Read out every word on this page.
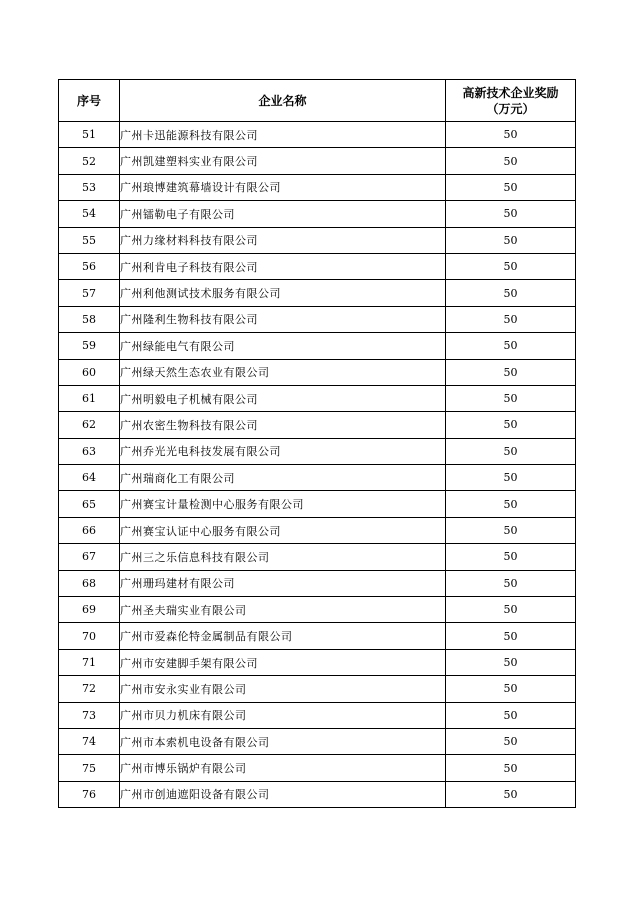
序号	企业名称	高新技术企业奖励
（万元）

51	广州卡迅能源科技有限公司	50
52	广州凯建塑料实业有限公司	50
53	广州琅博建筑幕墙设计有限公司	50
54	广州镭勒电子有限公司	50
55	广州力缘材料科技有限公司	50
56	广州利肯电子科技有限公司	50
57	广州利他测试技术服务有限公司	50
58	广州隆利生物科技有限公司	50
59	广州绿能电气有限公司	50
60	广州绿天然生态农业有限公司	50
61	广州明毅电子机械有限公司	50
62	广州农密生物科技有限公司	50
63	广州乔光光电科技发展有限公司	50
64	广州瑞商化工有限公司	50
65	广州赛宝计量检测中心服务有限公司	50
66	广州赛宝认证中心服务有限公司	50
67	广州三之乐信息科技有限公司	50
68	广州珊玛建材有限公司	50
69	广州圣夫瑞实业有限公司	50
70	广州市爱森伦特金属制品有限公司	50
71	广州市安建脚手架有限公司	50
72	广州市安永实业有限公司	50
73	广州市贝力机床有限公司	50
74	广州市本索机电设备有限公司	50
75	广州市博乐锅炉有限公司	50
76	广州市创迪遮阳设备有限公司	50
